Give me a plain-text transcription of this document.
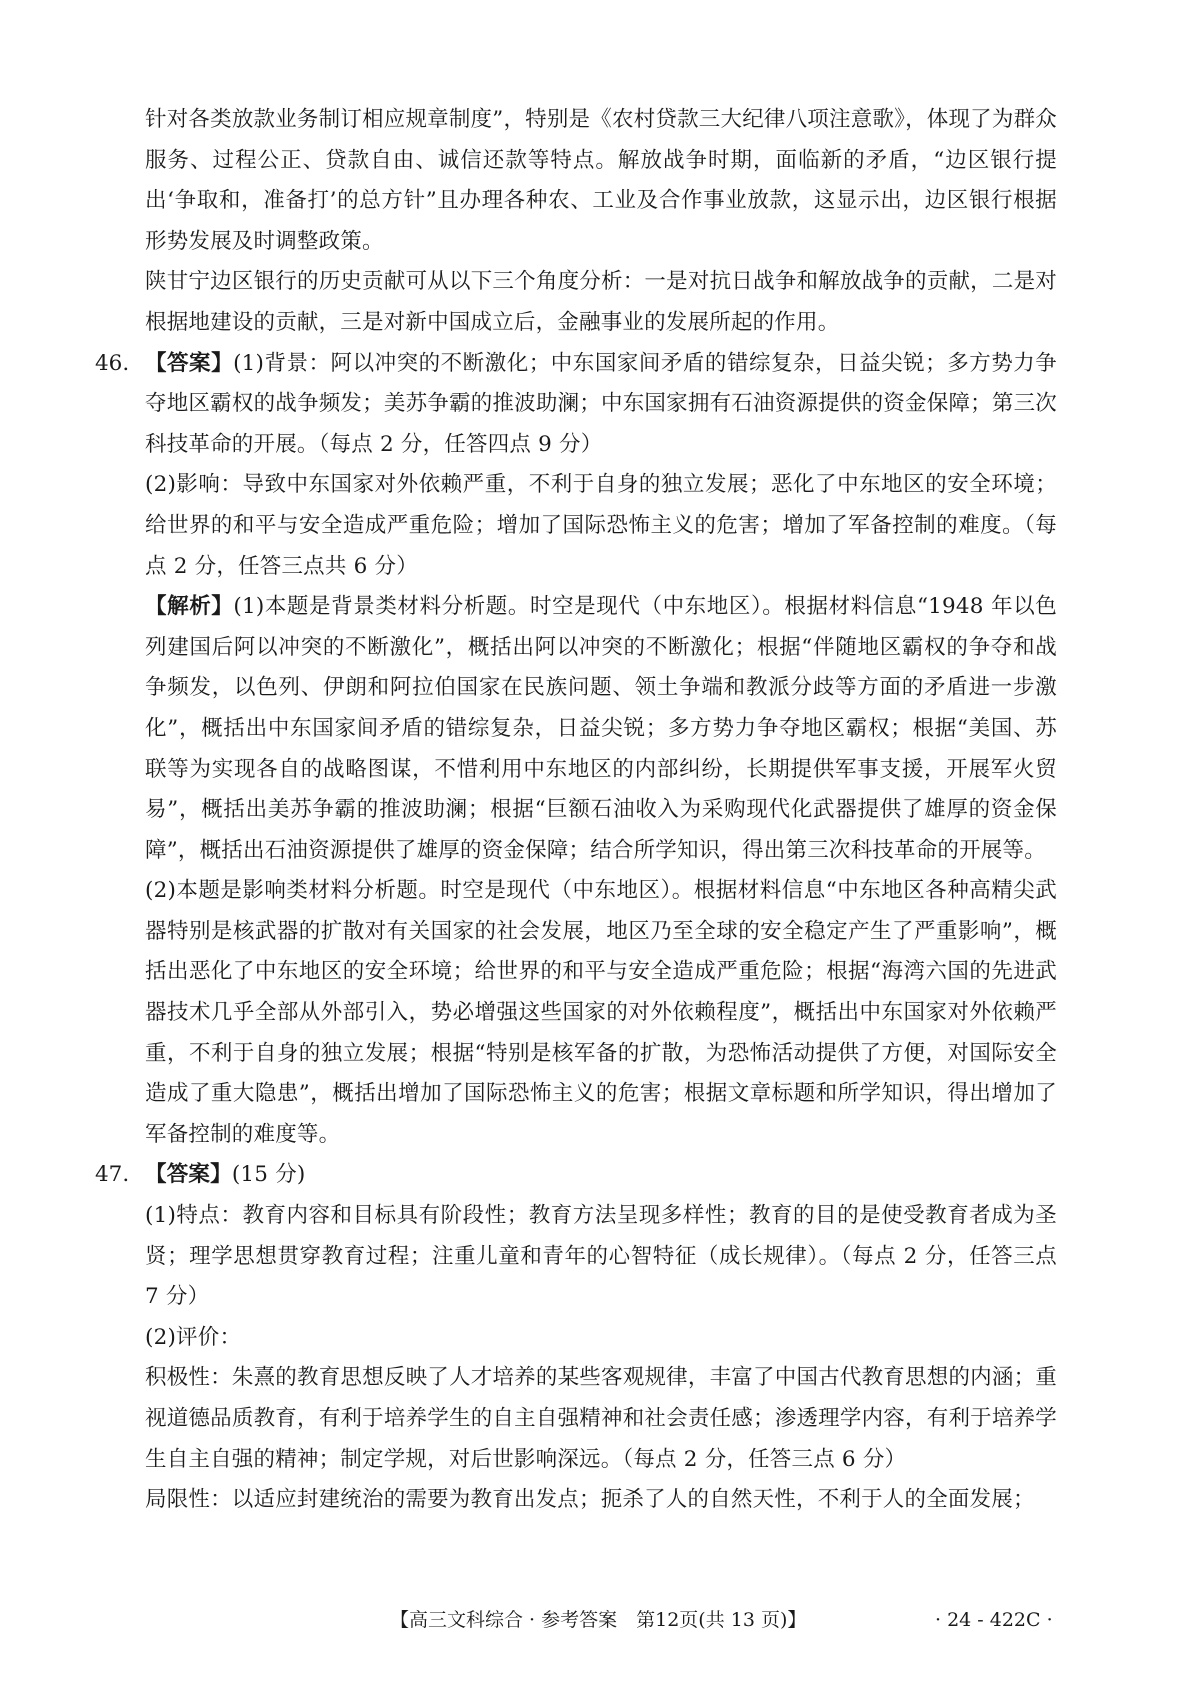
针对各类放款业务制订相应规章制度”，特别是《农村贷款三大纪律八项注意歌》，体现了为群众服务、过程公正、贷款自由、诚信还款等特点。解放战争时期，面临新的矛盾，“边区银行提出‘争取和，准备打’的总方针”且办理各种农、工业及合作事业放款，这显示出，边区银行根据形势发展及时调整政策。

陕甘宁边区银行的历史贡献可从以下三个角度分析：一是对抗日战争和解放战争的贡献，二是对根据地建设的贡献，三是对新中国成立后，金融事业的发展所起的作用。

46. 【答案】(1)背景：阿以冲突的不断激化；中东国家间矛盾的错综复杂，日益尖锐；多方势力争夺地区霸权的战争频发；美苏争霸的推波助澜；中东国家拥有石油资源提供的资金保障；第三次科技革命的开展。（每点 2 分，任答四点 9 分）

(2)影响：导致中东国家对外依赖严重，不利于自身的独立发展；恶化了中东地区的安全环境；给世界的和平与安全造成严重危险；增加了国际恐怖主义的危害；增加了军备控制的难度。（每点 2 分，任答三点共 6 分）

【解析】(1)本题是背景类材料分析题。时空是现代（中东地区）。根据材料信息“1948 年以色列建国后阿以冲突的不断激化”，概括出阿以冲突的不断激化；根据“伴随地区霸权的争夺和战争频发，以色列、伊朗和阿拉伯国家在民族问题、领土争端和教派分歧等方面的矛盾进一步激化”，概括出中东国家间矛盾的错综复杂，日益尖锐；多方势力争夺地区霸权；根据“美国、苏联等为实现各自的战略图谋，不惜利用中东地区的内部纠纷，长期提供军事支援，开展军火贸易”，概括出美苏争霸的推波助澜；根据“巨额石油收入为采购现代化武器提供了雄厚的资金保障”，概括出石油资源提供了雄厚的资金保障；结合所学知识，得出第三次科技革命的开展等。

(2)本题是影响类材料分析题。时空是现代（中东地区）。根据材料信息“中东地区各种高精尖武器特别是核武器的扩散对有关国家的社会发展，地区乃至全球的安全稳定产生了严重影响”，概括出恶化了中东地区的安全环境；给世界的和平与安全造成严重危险；根据“海湾六国的先进武器技术几乎全部从外部引入，势必增强这些国家的对外依赖程度”，概括出中东国家对外依赖严重，不利于自身的独立发展；根据“特别是核军备的扩散，为恐怖活动提供了方便，对国际安全造成了重大隐患”，概括出增加了国际恐怖主义的危害；根据文章标题和所学知识，得出增加了军备控制的难度等。

47. 【答案】(15 分)

(1)特点：教育内容和目标具有阶段性；教育方法呈现多样性；教育的目的是使受教育者成为圣贤；理学思想贯穿教育过程；注重儿童和青年的心智特征（成长规律）。（每点 2 分，任答三点 7 分）

(2)评价：

积极性：朱熹的教育思想反映了人才培养的某些客观规律，丰富了中国古代教育思想的内涵；重视道德品质教育，有利于培养学生的自主自强精神和社会责任感；渗透理学内容，有利于培养学生自主自强的精神；制定学规，对后世影响深远。（每点 2 分，任答三点 6 分）

局限性：以适应封建统治的需要为教育出发点；扼杀了人的自然天性，不利于人的全面发展；

【高三文科综合 · 参考答案　第12页(共 13 页)】	· 24 - 422C ·
